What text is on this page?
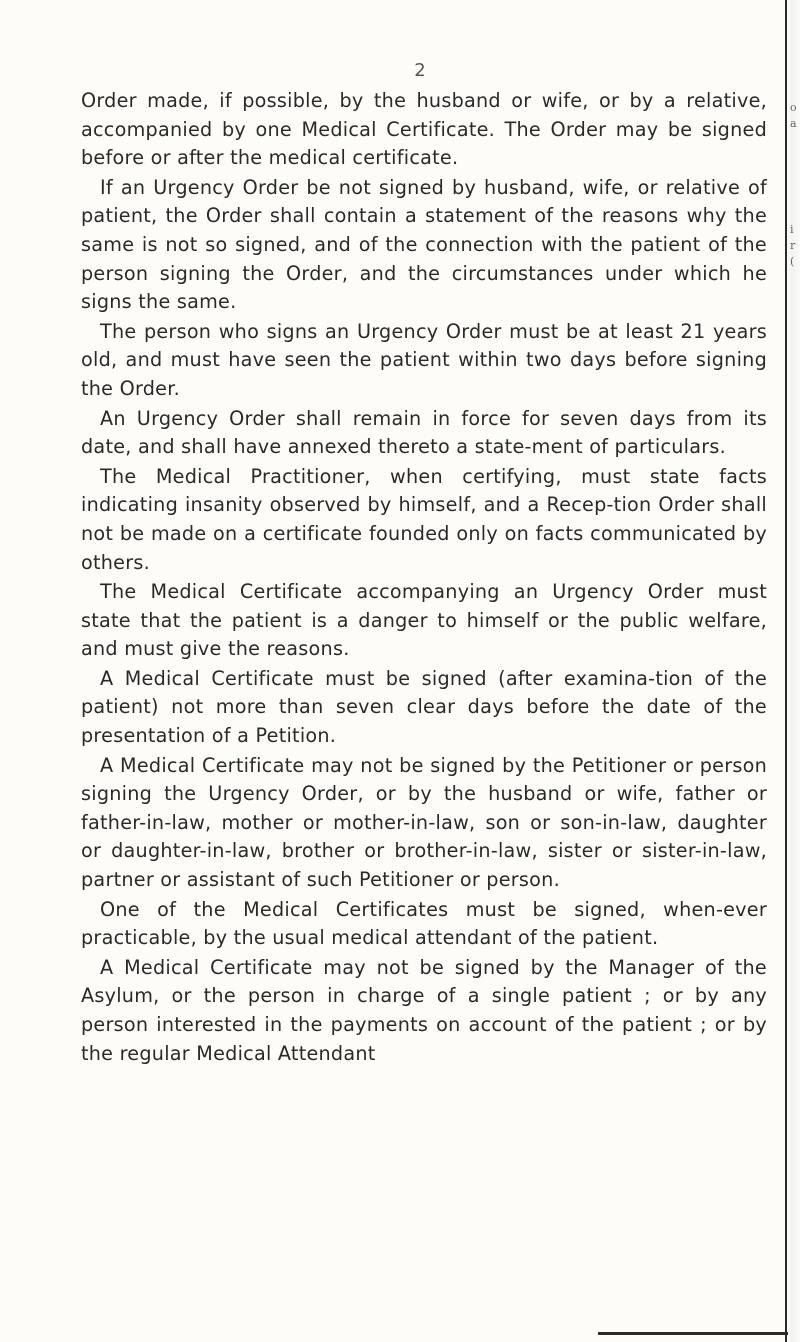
2

Order made, if possible, by the husband or wife, or by a relative, accompanied by one Medical Certificate. The Order may be signed before or after the medical certificate.

If an Urgency Order be not signed by husband, wife, or relative of patient, the Order shall contain a statement of the reasons why the same is not so signed, and of the connection with the patient of the person signing the Order, and the circumstances under which he signs the same.

The person who signs an Urgency Order must be at least 21 years old, and must have seen the patient within two days before signing the Order.

An Urgency Order shall remain in force for seven days from its date, and shall have annexed thereto a state-ment of particulars.

The Medical Practitioner, when certifying, must state facts indicating insanity observed by himself, and a Recep-tion Order shall not be made on a certificate founded only on facts communicated by others.

The Medical Certificate accompanying an Urgency Order must state that the patient is a danger to himself or the public welfare, and must give the reasons.

A Medical Certificate must be signed (after examina-tion of the patient) not more than seven clear days before the date of the presentation of a Petition.

A Medical Certificate may not be signed by the Petitioner or person signing the Urgency Order, or by the husband or wife, father or father-in-law, mother or mother-in-law, son or son-in-law, daughter or daughter-in-law, brother or brother-in-law, sister or sister-in-law, partner or assistant of such Petitioner or person.

One of the Medical Certificates must be signed, when-ever practicable, by the usual medical attendant of the patient.

A Medical Certificate may not be signed by the Manager of the Asylum, or the person in charge of a single patient ; or by any person interested in the payments on account of the patient ; or by the regular Medical Attendant

o
a
i
r
(
